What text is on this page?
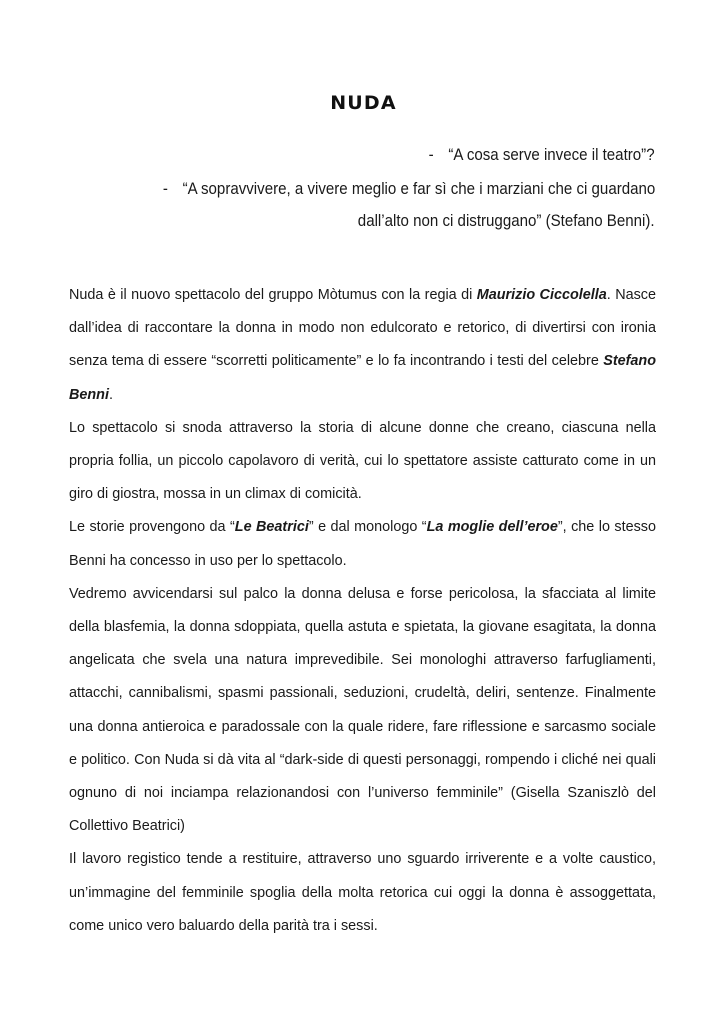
NUDA
- “A cosa serve invece il teatro”?
- “A sopravvivere, a vivere meglio e far sì che i marziani che ci guardano
dall’alto non ci distruggano” (Stefano Benni).

Nuda è il nuovo spettacolo del gruppo Mòtumus con la regia di Maurizio Ciccolella. Nasce dall’idea di raccontare la donna in modo non edulcorato e retorico, di divertirsi con ironia senza tema di essere “scorretti politicamente” e lo fa incontrando i testi del celebre Stefano Benni.

Lo spettacolo si snoda attraverso la storia di alcune donne che creano, ciascuna nella propria follia, un piccolo capolavoro di verità, cui lo spettatore assiste catturato come in un giro di giostra, mossa in un climax di comicità.

Le storie provengono da “Le Beatrici” e dal monologo “La moglie dell’eroe”, che lo stesso Benni ha concesso in uso per lo spettacolo.

Vedremo avvicendarsi sul palco la donna delusa e forse pericolosa, la sfacciata al limite della blasfemia, la donna sdoppiata, quella astuta e spietata, la giovane esagitata, la donna angelicata che svela una natura imprevedibile. Sei monologhi attraverso farfugliamenti, attacchi, cannibalismi, spasmi passionali, seduzioni, crudeltà, deliri, sentenze. Finalmente una donna antieroica e paradossale con la quale ridere, fare riflessione e sarcasmo sociale e politico. Con Nuda si dà vita al “dark-side di questi personaggi, rompendo i cliché nei quali ognuno di noi inciampa relazionandosi con l’universo femminile” (Gisella Szaniszlò del Collettivo Beatrici)

Il lavoro registico tende a restituire, attraverso uno sguardo irriverente e a volte caustico, un’immagine del femminile spoglia della molta retorica cui oggi la donna è assoggettata, come unico vero baluardo della parità tra i sessi.
